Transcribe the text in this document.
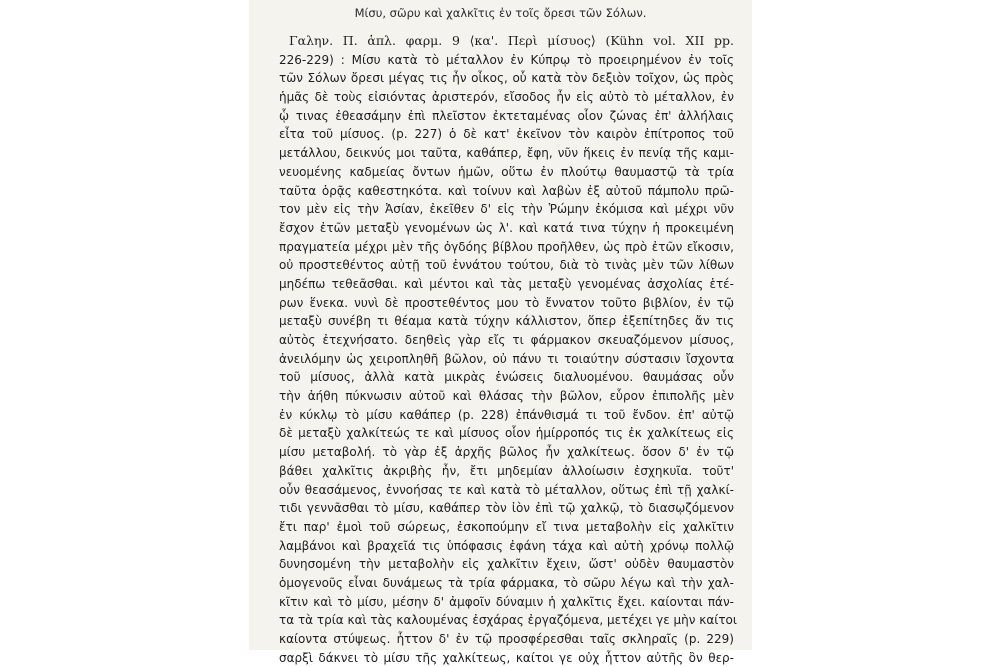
Μίσυ, σῶρυ καὶ χαλκῖτις ἐν τοῖς ὄρεσι τῶν Σόλων.
Γαλην. Π. ἁπλ. φαρμ. 9 ⟨κα'. Περὶ μίσυος⟩ (Kühn vol. XII pp.
226-229) : Μίσυ κατὰ τὸ μέταλλον ἐν Κύπρῳ τὸ προειρημένον ἐν τοῖς
τῶν Σόλων ὄρεσι μέγας τις ἦν οἶκος, οὗ κατὰ τὸν δεξιὸν τοῖχον, ὡς πρὸς
ἡμᾶς δὲ τοὺς εἰσιόντας ἀριστερόν, εἴσοδος ἦν εἰς αὐτὸ τὸ μέταλλον, ἐν
ᾧ τινας ἐθεασάμην ἐπὶ πλεῖστον ἐκτεταμένας οἷον ζώνας ἐπ' ἀλλήλαις
εἶτα τοῦ μίσυος. (p. 227) ὁ δὲ κατ' ἐκεῖνον τὸν καιρὸν ἐπίτροπος τοῦ
μετάλλου, δεικνύς μοι ταῦτα, καθάπερ, ἔφη, νῦν ἥκεις ἐν πενίᾳ τῆς καμι-
νευομένης καδμείας ὄντων ἡμῶν, οὕτω ἐν πλούτῳ θαυμαστῷ τὰ τρία
ταῦτα ὁρᾷς καθεστηκότα. καὶ τοίνυν καὶ λαβὼν ἐξ αὐτοῦ πάμπολυ πρῶ-
τον μὲν εἰς τὴν Ἀσίαν, ἐκεῖθεν δ' εἰς τὴν Ῥώμην ἐκόμισα καὶ μέχρι νῦν
ἔσχον ἐτῶν μεταξὺ γενομένων ὡς λ'. καὶ κατά τινα τύχην ἡ προκειμένη
πραγματεία μέχρι μὲν τῆς ὀγδόης βίβλου προῆλθεν, ὡς πρὸ ἐτῶν εἴκοσιν,
οὐ προστεθέντος αὐτῇ τοῦ ἐννάτου τούτου, διὰ τὸ τινὰς μὲν τῶν λίθων
μηδέπω τεθεᾶσθαι. καὶ μέντοι καὶ τὰς μεταξὺ γενομένας ἀσχολίας ἑτέ-
ρων ἕνεκα. νυνὶ δὲ προστεθέντος μου τὸ ἔννατον τοῦτο βιβλίον, ἐν τῷ
μεταξὺ συνέβη τι θέαμα κατὰ τύχην κάλλιστον, ὅπερ ἐξεπίτηδες ἄν τις
αὐτὸς ἐτεχνήσατο. δεηθεὶς γὰρ εἴς τι φάρμακον σκευαζόμενον μίσυος,
ἀνειλόμην ὡς χειροπληθῆ βῶλον, οὐ πάνυ τι τοιαύτην σύστασιν ἴσχοντα
τοῦ μίσυος, ἀλλὰ κατὰ μικρὰς ἑνώσεις διαλυομένου. θαυμάσας οὖν
τὴν ἀήθη πύκνωσιν αὐτοῦ καὶ θλάσας τὴν βῶλον, εὗρον ἐπιπολῆς μὲν
ἐν κύκλῳ τὸ μίσυ καθάπερ (p. 228) ἐπάνθισμά τι τοῦ ἔνδον. ἐπ' αὐτῷ
δὲ μεταξὺ χαλκίτεώς τε καὶ μίσυος οἷον ἡμίρροπός τις ἐκ χαλκίτεως εἰς
μίσυ μεταβολή. τὸ γὰρ ἐξ ἀρχῆς βῶλος ἦν χαλκίτεως. ὅσον δ' ἐν τῷ
βάθει χαλκῖτις ἀκριβὴς ἦν, ἔτι μηδεμίαν ἀλλοίωσιν ἐσχηκυῖα. τοῦτ'
οὖν θεασάμενος, ἐννοήσας τε καὶ κατὰ τὸ μέταλλον, οὕτως ἐπὶ τῇ χαλκί-
τιδι γεννᾶσθαι τὸ μίσυ, καθάπερ τὸν ἰὸν ἐπὶ τῷ χαλκῷ, τὸ διασῳζόμενον
ἔτι παρ' ἐμοὶ τοῦ σώρεως, ἐσκοπούμην εἴ τινα μεταβολὴν εἰς χαλκῖτιν
λαμβάνοι καὶ βραχεῖά τις ὑπόφασις ἐφάνη τάχα καὶ αὐτὴ χρόνῳ πολλῷ
δυνησομένη τὴν μεταβολὴν εἰς χαλκῖτιν ἔχειν, ὥστ' οὐδὲν θαυμαστὸν
ὁμογενοῦς εἶναι δυνάμεως τὰ τρία φάρμακα, τὸ σῶρυ λέγω καὶ τὴν χαλ-
κῖτιν καὶ τὸ μίσυ, μέσην δ' ἀμφοῖν δύναμιν ἡ χαλκῖτις ἔχει. καίονται πάν-
τα τὰ τρία καὶ τὰς καλουμένας ἐσχάρας ἐργαζόμενα, μετέχει γε μὴν καίτοι
καίοντα στύψεως. ἧττον δ' ἐν τῷ προσφέρεσθαι ταῖς σκληραῖς (p. 229)
σαρξὶ δάκνει τὸ μίσυ τῆς χαλκίτεως, καίτοι γε οὐχ ἧττον αὐτῆς ὂν θερ-
